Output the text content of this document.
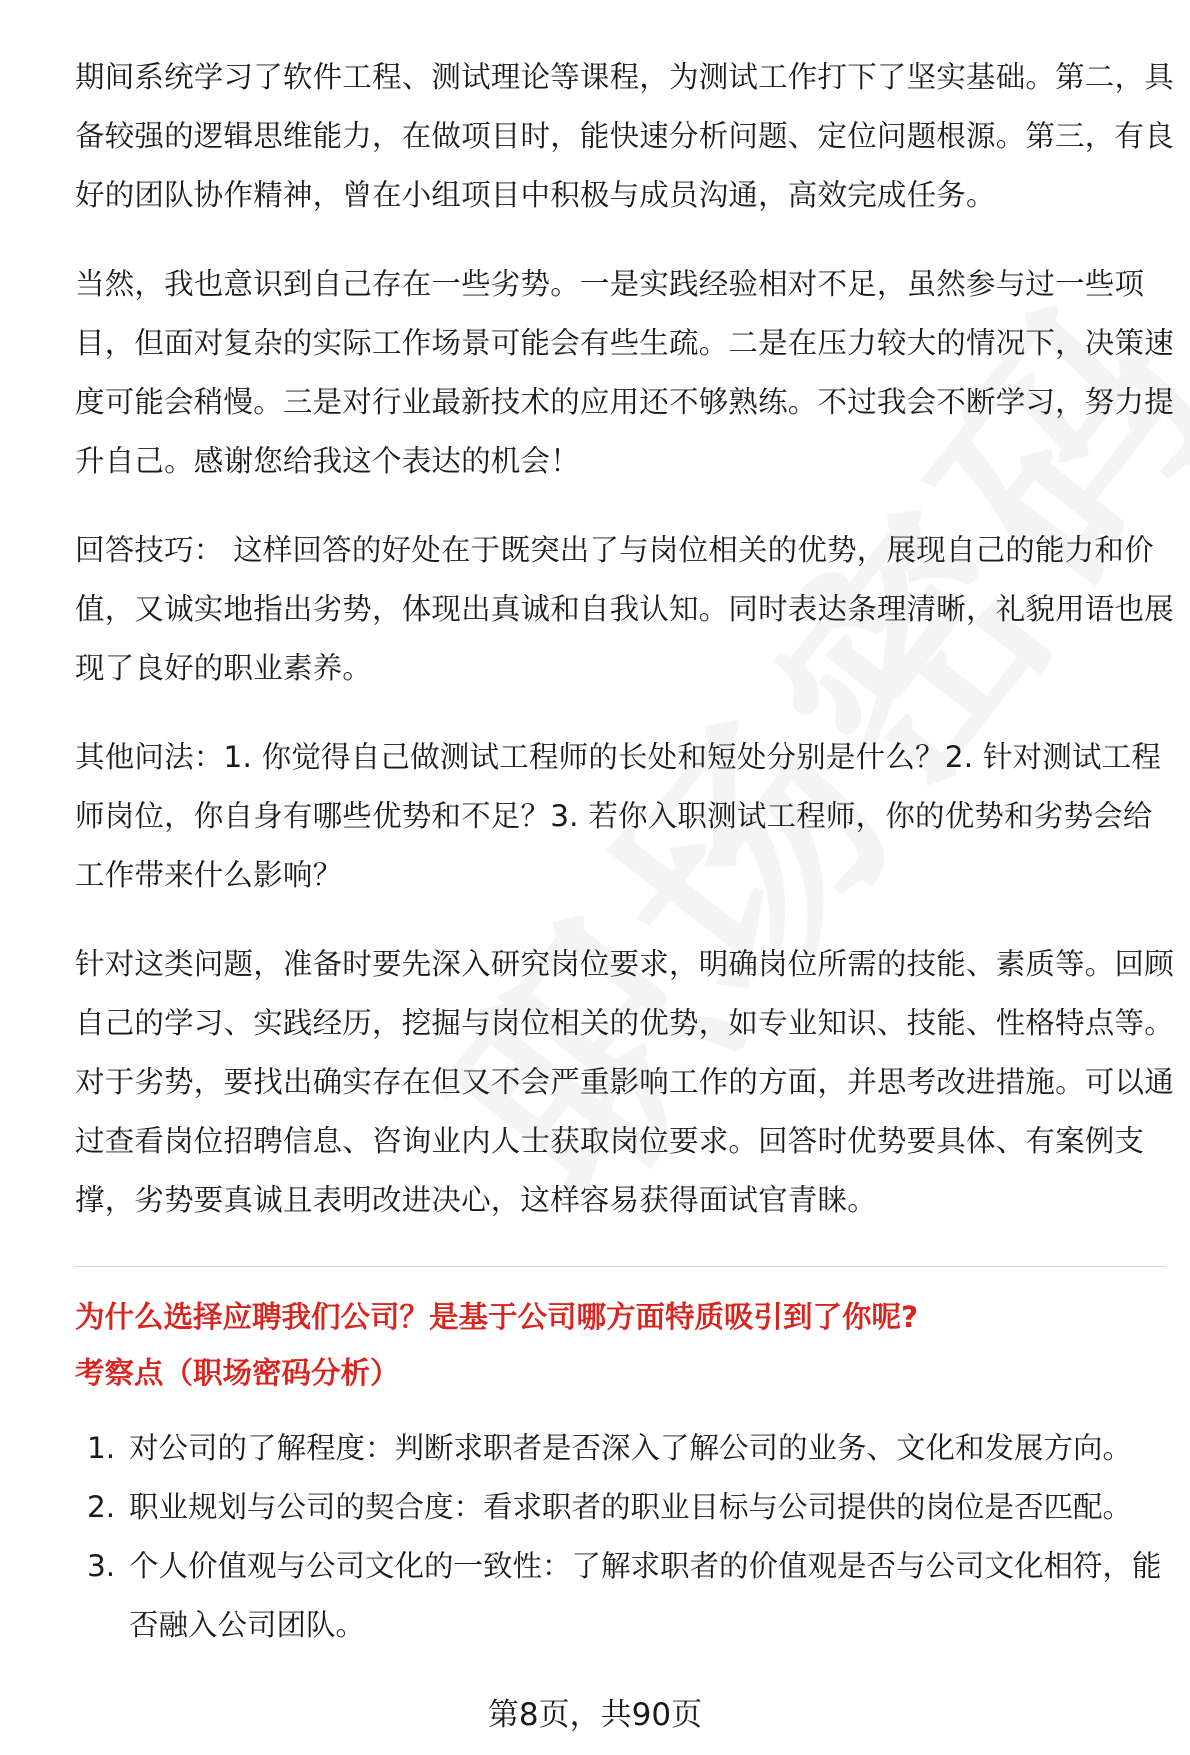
期间系统学习了软件工程、测试理论等课程，为测试工作打下了坚实基础。第二，具备较强的逻辑思维能力，在做项目时，能快速分析问题、定位问题根源。第三，有良好的团队协作精神，曾在小组项目中积极与成员沟通，高效完成任务。

当然，我也意识到自己存在一些劣势。一是实践经验相对不足，虽然参与过一些项目，但面对复杂的实际工作场景可能会有些生疏。二是在压力较大的情况下，决策速度可能会稍慢。三是对行业最新技术的应用还不够熟练。不过我会不断学习，努力提升自己。感谢您给我这个表达的机会！

回答技巧： 这样回答的好处在于既突出了与岗位相关的优势，展现自己的能力和价值，又诚实地指出劣势，体现出真诚和自我认知。同时表达条理清晰，礼貌用语也展现了良好的职业素养。

其他问法：1. 你觉得自己做测试工程师的长处和短处分别是什么？2. 针对测试工程师岗位，你自身有哪些优势和不足？3. 若你入职测试工程师，你的优势和劣势会给工作带来什么影响？

针对这类问题，准备时要先深入研究岗位要求，明确岗位所需的技能、素质等。回顾自己的学习、实践经历，挖掘与岗位相关的优势，如专业知识、技能、性格特点等。对于劣势，要找出确实存在但又不会严重影响工作的方面，并思考改进措施。可以通过查看岗位招聘信息、咨询业内人士获取岗位要求。回答时优势要具体、有案例支撑，劣势要真诚且表明改进决心，这样容易获得面试官青睐。

为什么选择应聘我们公司？是基于公司哪方面特质吸引到了你呢?

考察点（职场密码分析）

1. 对公司的了解程度：判断求职者是否深入了解公司的业务、文化和发展方向。
2. 职业规划与公司的契合度：看求职者的职业目标与公司提供的岗位是否匹配。
3. 个人价值观与公司文化的一致性：了解求职者的价值观是否与公司文化相符，能否融入公司团队。
第8页，共90页
